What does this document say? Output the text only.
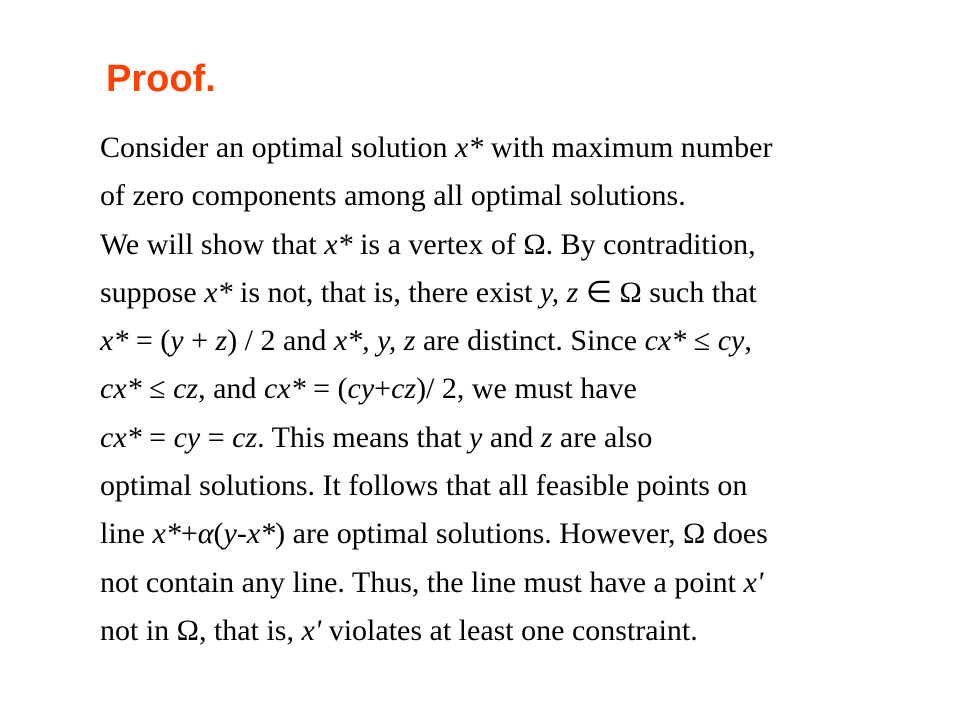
Proof.
Consider an optimal solution x* with maximum number
of zero components among all optimal solutions.
We will show that x* is a vertex of Ω. By contradition,
suppose x* is not, that is, there exist y, z ∈ Ω such that
x* = (y + z) / 2 and x*, y, z are distinct. Since cx* ≤ cy,
cx* ≤ cz, and cx* = (cy+cz)/ 2, we must have
cx* = cy = cz. This means that y and z are also
optimal solutions. It follows that all feasible points on
line x*+α(y-x*) are optimal solutions. However, Ω does
not contain any line. Thus, the line must have a point x'
not in Ω, that is, x' violates at least one constraint.
